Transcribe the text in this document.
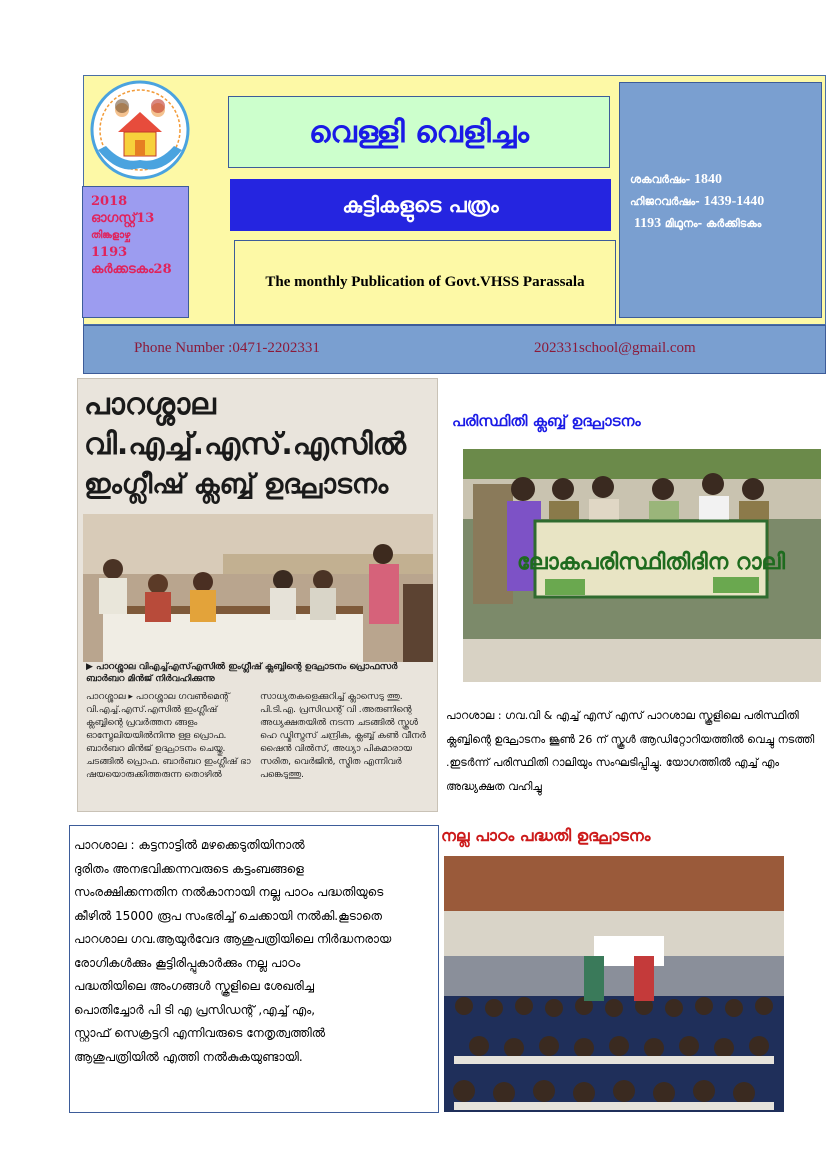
2018
ഓഗസ്റ്റ്13
തിങ്കളാഴ്ച
1193
കർക്കടകം28
വെള്ളി വെളിച്ചം
കുട്ടികളുടെ പത്രം
The monthly Publication of Govt.VHSS Parassala
ശകവർഷം- 1840
ഹിജറവർഷം- 1439-1440
1193 മിഥുനം- കർക്കിടകം
Phone Number :0471-2202331	202331school@gmail.com
പാറശ്ശാല
വി.എച്ച്.എസ്.എസിൽ
ഇംഗ്ലീഷ് ക്ലബ്ബ് ഉദ്ഘാടനം
▶ പാറശ്ശാല വിഎച്ച്എസ്എസിൽ ഇംഗ്ലീഷ് ക്ലബ്ബിന്റെ ഉദ്ഘാടനം പ്രൊഫസർ ബാർബറ മിൻജ് നിർവഹിക്കുന്നു
പാറശ്ശാല ▸ പാറശ്ശാല ഗവൺമെന്റ് വി.എച്ച്.എസ്.എസിൽ ഇംഗ്ലീഷ് ക്ലബ്ബിന്റെ പ്രവർത്തന ങ്ങളം ഓസ്ട്രേലിയയിൽനിന്നു ള്ള പ്രൊഫ. ബാർബറ മിൻജ് ഉദ്ഘാടനം ചെയ്തു. ചടങ്ങിൽ പ്രൊഫ. ബാർബറ ഇംഗ്ലീഷ് ഭാ ഷയയൊരുക്കിത്തരുന്ന തൊഴിൽ
സാധ്യതകളെക്കുറിച്ച് ക്ലാസെടു ത്തു. പി.ടി.എ. പ്രസിഡന്റ് വി .അരുണിന്റെ അധ്യക്ഷതയിൽ നടന്ന ചടങ്ങിൽ സ്കൂൾ ഹെ ഡ്മിസ്ട്രസ് ചന്ദ്രിക, ക്ലബ്ബ് കൺ വീനർ ഷൈൻ വിൽസ്, അധ്യാ പികമാരായ സരിത, വെർജിൻ, സ്മിത എന്നിവർ പങ്കെടുത്തു.
പരിസ്ഥിതി ക്ലബ്ബ് ഉദ്ഘാടനം
ലോകപരിസ്ഥിതിദിന റാലി
പാറശാല : ഗവ.വി & എച്ച് എസ് എസ് പാറശാല സ്കൂളിലെ പരിസ്ഥിതി ക്ലബ്ബിന്റെ ഉദ്ഘാടനം ജൂൺ 26 ന് സ്കൂൾ ആഡിറ്റോറിയത്തിൽ വെച്ചു നടത്തി .ഇടർന്ന് പരിസ്ഥിതി റാലിയും സംഘടിപ്പിച്ചു. യോഗത്തിൽ എച്ച് എം അദ്ധ്യക്ഷത വഹിച്ചു
പാറശാല : കട്ടനാട്ടിൽ മഴക്കെടുതിയിനാൽ
ദുരിതം അനഭവിക്കന്നവരുടെ കട്ടംബങ്ങളെ
സംരക്ഷിക്കന്നതിന നൽകാനായി നല്ല പാഠം പദ്ധതിയുടെ
കീഴിൽ 15000 രൂപ സംഭരിച്ച് ചെക്കായി നൽകി.കൂടാതെ
പാറശാല ഗവ.ആയുർവേദ ആശുപത്രിയിലെ നിർദ്ധനരായ
രോഗികൾക്കും കൂട്ടിരിപ്പുകാർക്കും നല്ല പാഠം
പദ്ധതിയിലെ അംഗങ്ങൾ സ്കൂളിലെ ശേഖരിച്ച
പൊതിച്ചോർ പി ടി എ പ്രസിഡന്റ് ,എച്ച് എം,
സ്റ്റാഫ് സെക്രട്ടറി എന്നിവരുടെ നേതൃത്വത്തിൽ
ആശുപത്രിയിൽ എത്തി നൽകുകയുണ്ടായി.
നല്ല പാഠം പദ്ധതി ഉദ്ഘാടനം
